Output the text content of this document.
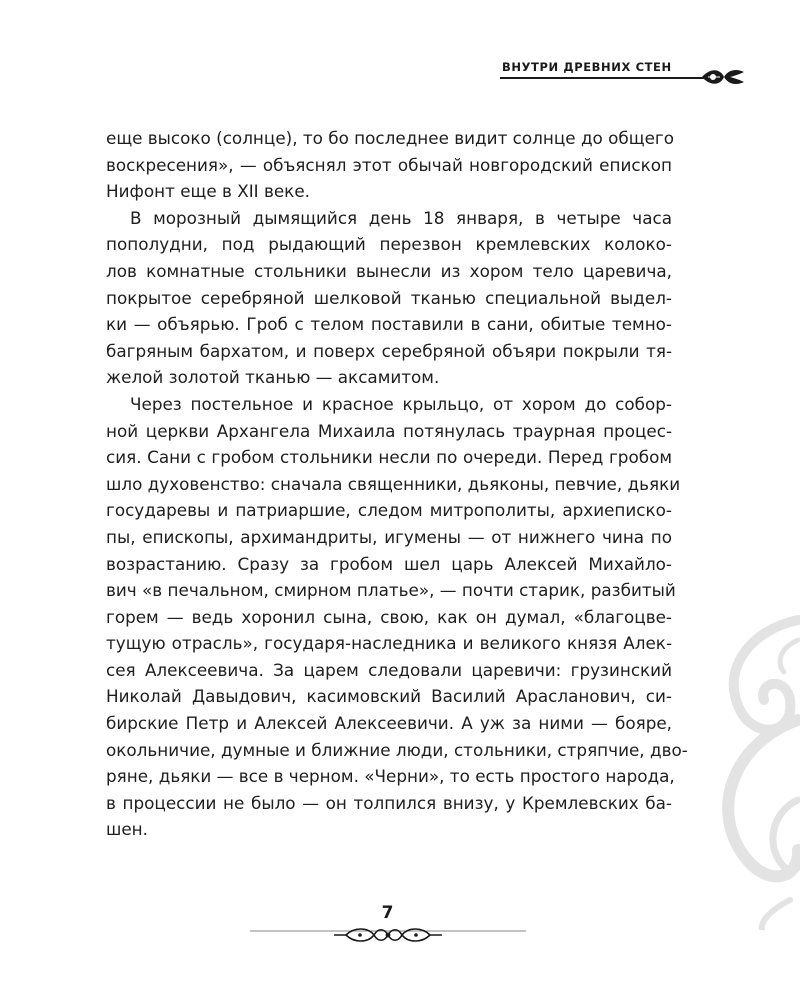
ВНУТРИ ДРЕВНИХ СТЕН
еще высоко (солнце), то бо последнее видит солнце до общего
воскресения», — объяснял этот обычай новгородский епископ
Нифонт еще в XII веке.
В морозный дымящийся день 18 января, в четыре часа
пополудни, под рыдающий перезвон кремлевских колоко-
лов комнатные стольники вынесли из хором тело царевича,
покрытое серебряной шелковой тканью специальной выдел-
ки — объярью. Гроб с телом поставили в сани, обитые темно-
багряным бархатом, и поверх серебряной объяри покрыли тя-
желой золотой тканью — аксамитом.
Через постельное и красное крыльцо, от хором до собор-
ной церкви Архангела Михаила потянулась траурная процес-
сия. Сани с гробом стольники несли по очереди. Перед гробом
шло духовенство: сначала священники, дьяконы, певчие, дьяки
государевы и патриаршие, следом митрополиты, архиеписко-
пы, епископы, архимандриты, игумены — от нижнего чина по
возрастанию. Сразу за гробом шел царь Алексей Михайло-
вич «в печальном, смирном платье», — почти старик, разбитый
горем — ведь хоронил сына, свою, как он думал, «благоцве-
тущую отрасль», государя-наследника и великого князя Алек-
сея Алексеевича. За царем следовали царевичи: грузинский
Николай Давыдович, касимовский Василий Арасланович, си-
бирские Петр и Алексей Алексеевичи. А уж за ними — бояре,
окольничие, думные и ближние люди, стольники, стряпчие, дво-
ряне, дьяки — все в черном. «Черни», то есть простого народа,
в процессии не было — он толпился внизу, у Кремлевских ба-
шен.
7
